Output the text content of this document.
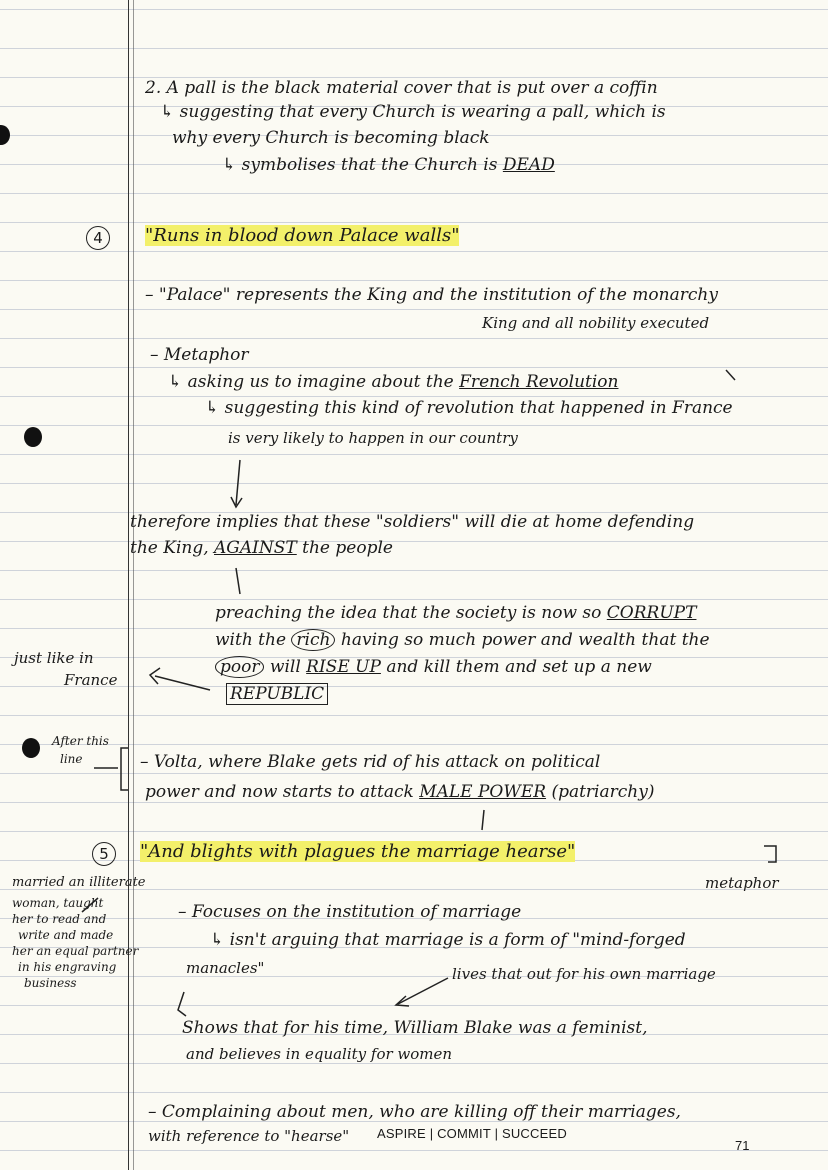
2. A pall is the black material cover that is put over a coffin
↳ suggesting that every Church is wearing a pall, which is
why every Church is becoming black
↳ symbolises that the Church is DEAD
4	"Runs in blood down Palace walls"
– "Palace" represents the King and the institution of the monarchy
King and all nobility executed
– Metaphor
↳ asking us to imagine about the French Revolution
↳ suggesting this kind of revolution that happened in France
is very likely to happen in our country
therefore implies that these "soldiers" will die at home defending
the King, AGAINST the people
preaching the idea that the society is now so CORRUPT
with the rich having so much power and wealth that the
poor will RISE UP and kill them and set up a new
REPUBLIC
just like in
France
After this
line	– Volta, where Blake gets rid of his attack on political
power and now starts to attack MALE POWER (patriarchy)
5	"And blights with plagues the marriage hearse"
metaphor
married an illiterate
woman, taught
her to read and
write and made
her an equal partner
in his engraving
business
– Focuses on the institution of marriage
↳ isn't arguing that marriage is a form of "mind-forged
manacles"	lives that out for his own marriage
Shows that for his time, William Blake was a feminist,
and believes in equality for women
– Complaining about men, who are killing off their marriages,
with reference to "hearse" ASPIRE | COMMIT | SUCCEED
71
